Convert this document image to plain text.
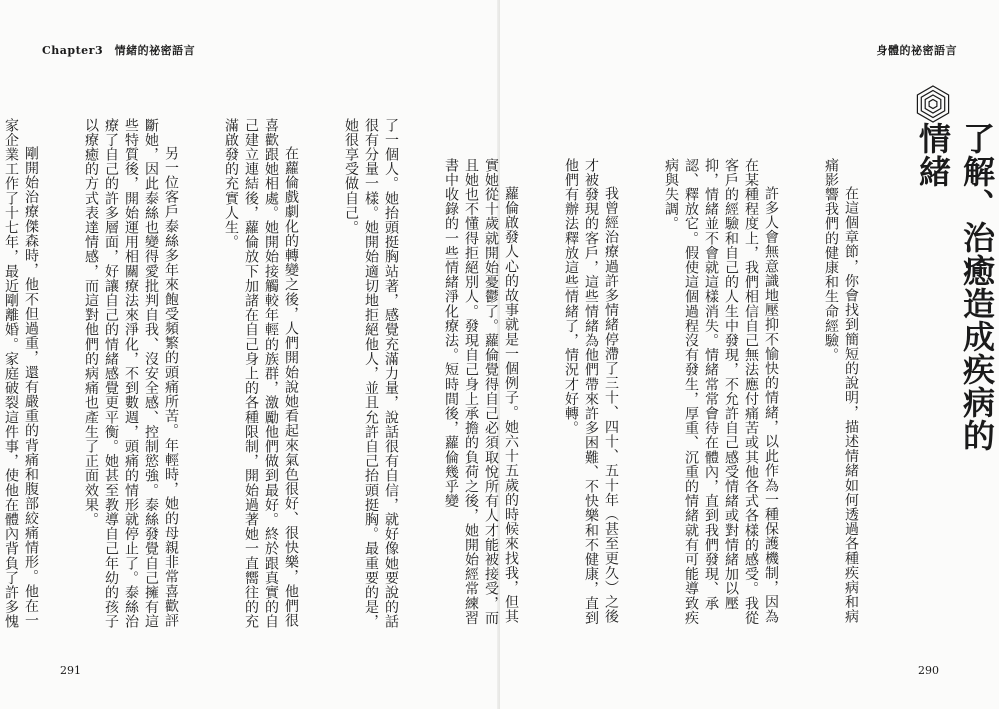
Chapter3　情緒的祕密語言

了一個人。她抬頭挺胸站著，感覺充滿力量，說話很有自信，就好像她要說的話很有分量一樣。她開始適切地拒絕他人，並且允許自己抬頭挺胸。最重要的是，她很享受做自己。

在蘿倫戲劇化的轉變之後，人們開始說她看起來氣色很好、很快樂，他們很喜歡跟她相處。她開始接觸較年輕的族群，激勵他們做到最好。終於跟真實的自己建立連結後，蘿倫放下加諸在自己身上的各種限制，開始過著她一直嚮往的充滿啟發的充實人生。

另一位客戶泰絲多年來飽受頻繁的頭痛所苦。年輕時，她的母親非常喜歡評斷她，因此泰絲也變得愛批判自我、沒安全感、控制慾強。泰絲發覺自己擁有這些特質後，開始運用相關療法來淨化，不到數週，頭痛的情形就停止了。泰絲治療了自己的許多層面，好讓自己的情緒感覺更平衡。她甚至教導自己年幼的孩子以療癒的方式表達情感，而這對他們的病痛也產生了正面效果。

剛開始治療傑森時，他不但過重，還有嚴重的背痛和腹部絞痛情形。他在一家企業工作了十七年，最近剛離婚。家庭破裂這件事，使他在體內背負了許多愧

291
身體的祕密語言

在這個章節，你會找到簡短的說明，描述情緒如何透過各種疾病和病痛影響我們的健康和生命經驗。

許多人會無意識地壓抑不愉快的情緒，以此作為一種保護機制，因為在某種程度上，我們相信自己無法應付痛苦或其他各式各樣的感受。我從客戶的經驗和自己的人生中發現，不允許自己感受情緒或對情緒加以壓抑，情緒並不會就這樣消失。情緒常常會待在體內，直到我們發現、承認、釋放它。假使這個過程沒有發生，厚重、沉重的情緒就有可能導致疾病與失調。

我曾經治療過許多情緒停滯了三十、四十、五十年（甚至更久）之後才被發現的客戶，這些情緒為他們帶來許多困難、不快樂和不健康，直到他們有辦法釋放這些情緒了，情況才好轉。

蘿倫啟發人心的故事就是一個例子。她六十五歲的時候來找我，但其實她從十歲就開始憂鬱了。蘿倫覺得自己必須取悅所有人才能被接受，而且她也不懂得拒絕別人。發現自己身上承擔的負荷之後，她開始經常練習書中收錄的一些情緒淨化療法。短時間後，蘿倫幾乎變

290
了解、治癒造成疾病的情緒
